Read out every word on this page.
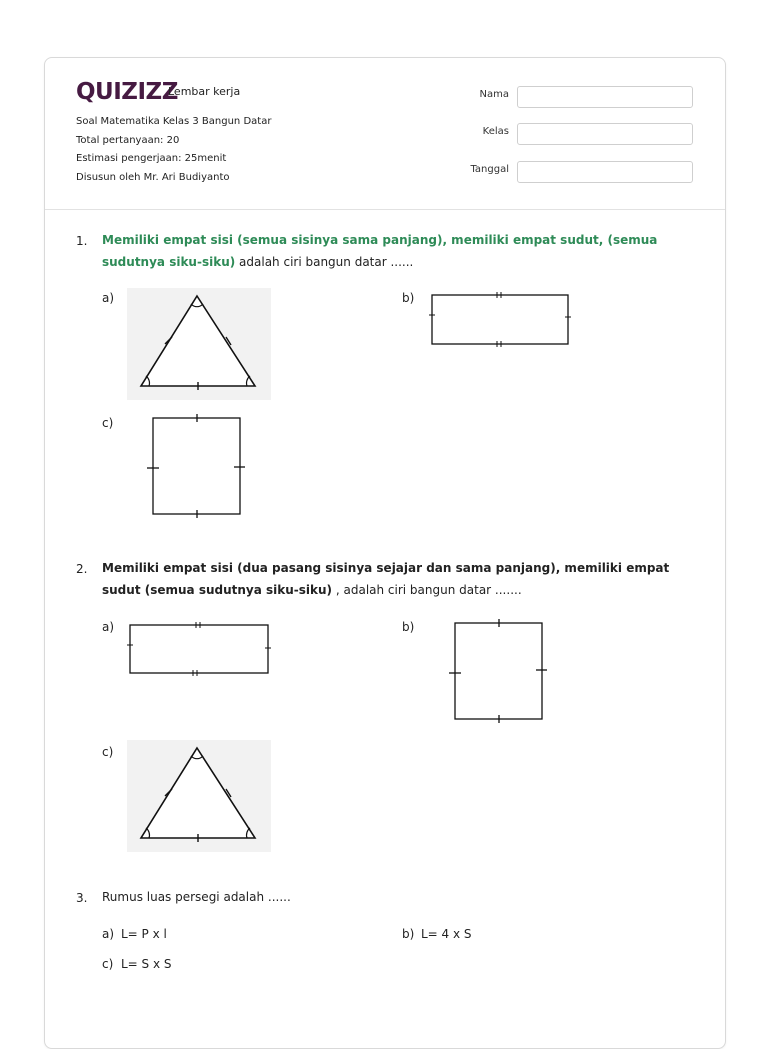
QUIZIZZ
Lembar kerja
Soal Matematika Kelas 3 Bangun Datar
Total pertanyaan: 20
Estimasi pengerjaan: 25menit
Disusun oleh Mr. Ari Budiyanto
Nama
Kelas
Tanggal
1. Memiliki empat sisi (semua sisinya sama panjang), memiliki empat sudut, (semua sudutnya siku-siku) adalah ciri bangun datar ......
a)	b)
c)
2. Memiliki empat sisi (dua pasang sisinya sejajar dan sama panjang), memiliki empat sudut (semua sudutnya siku-siku) , adalah ciri bangun datar .......
a)	b)
c)
3. Rumus luas persegi adalah ......
a) L= P x l	b) L= 4 x S
c) L= S x S
